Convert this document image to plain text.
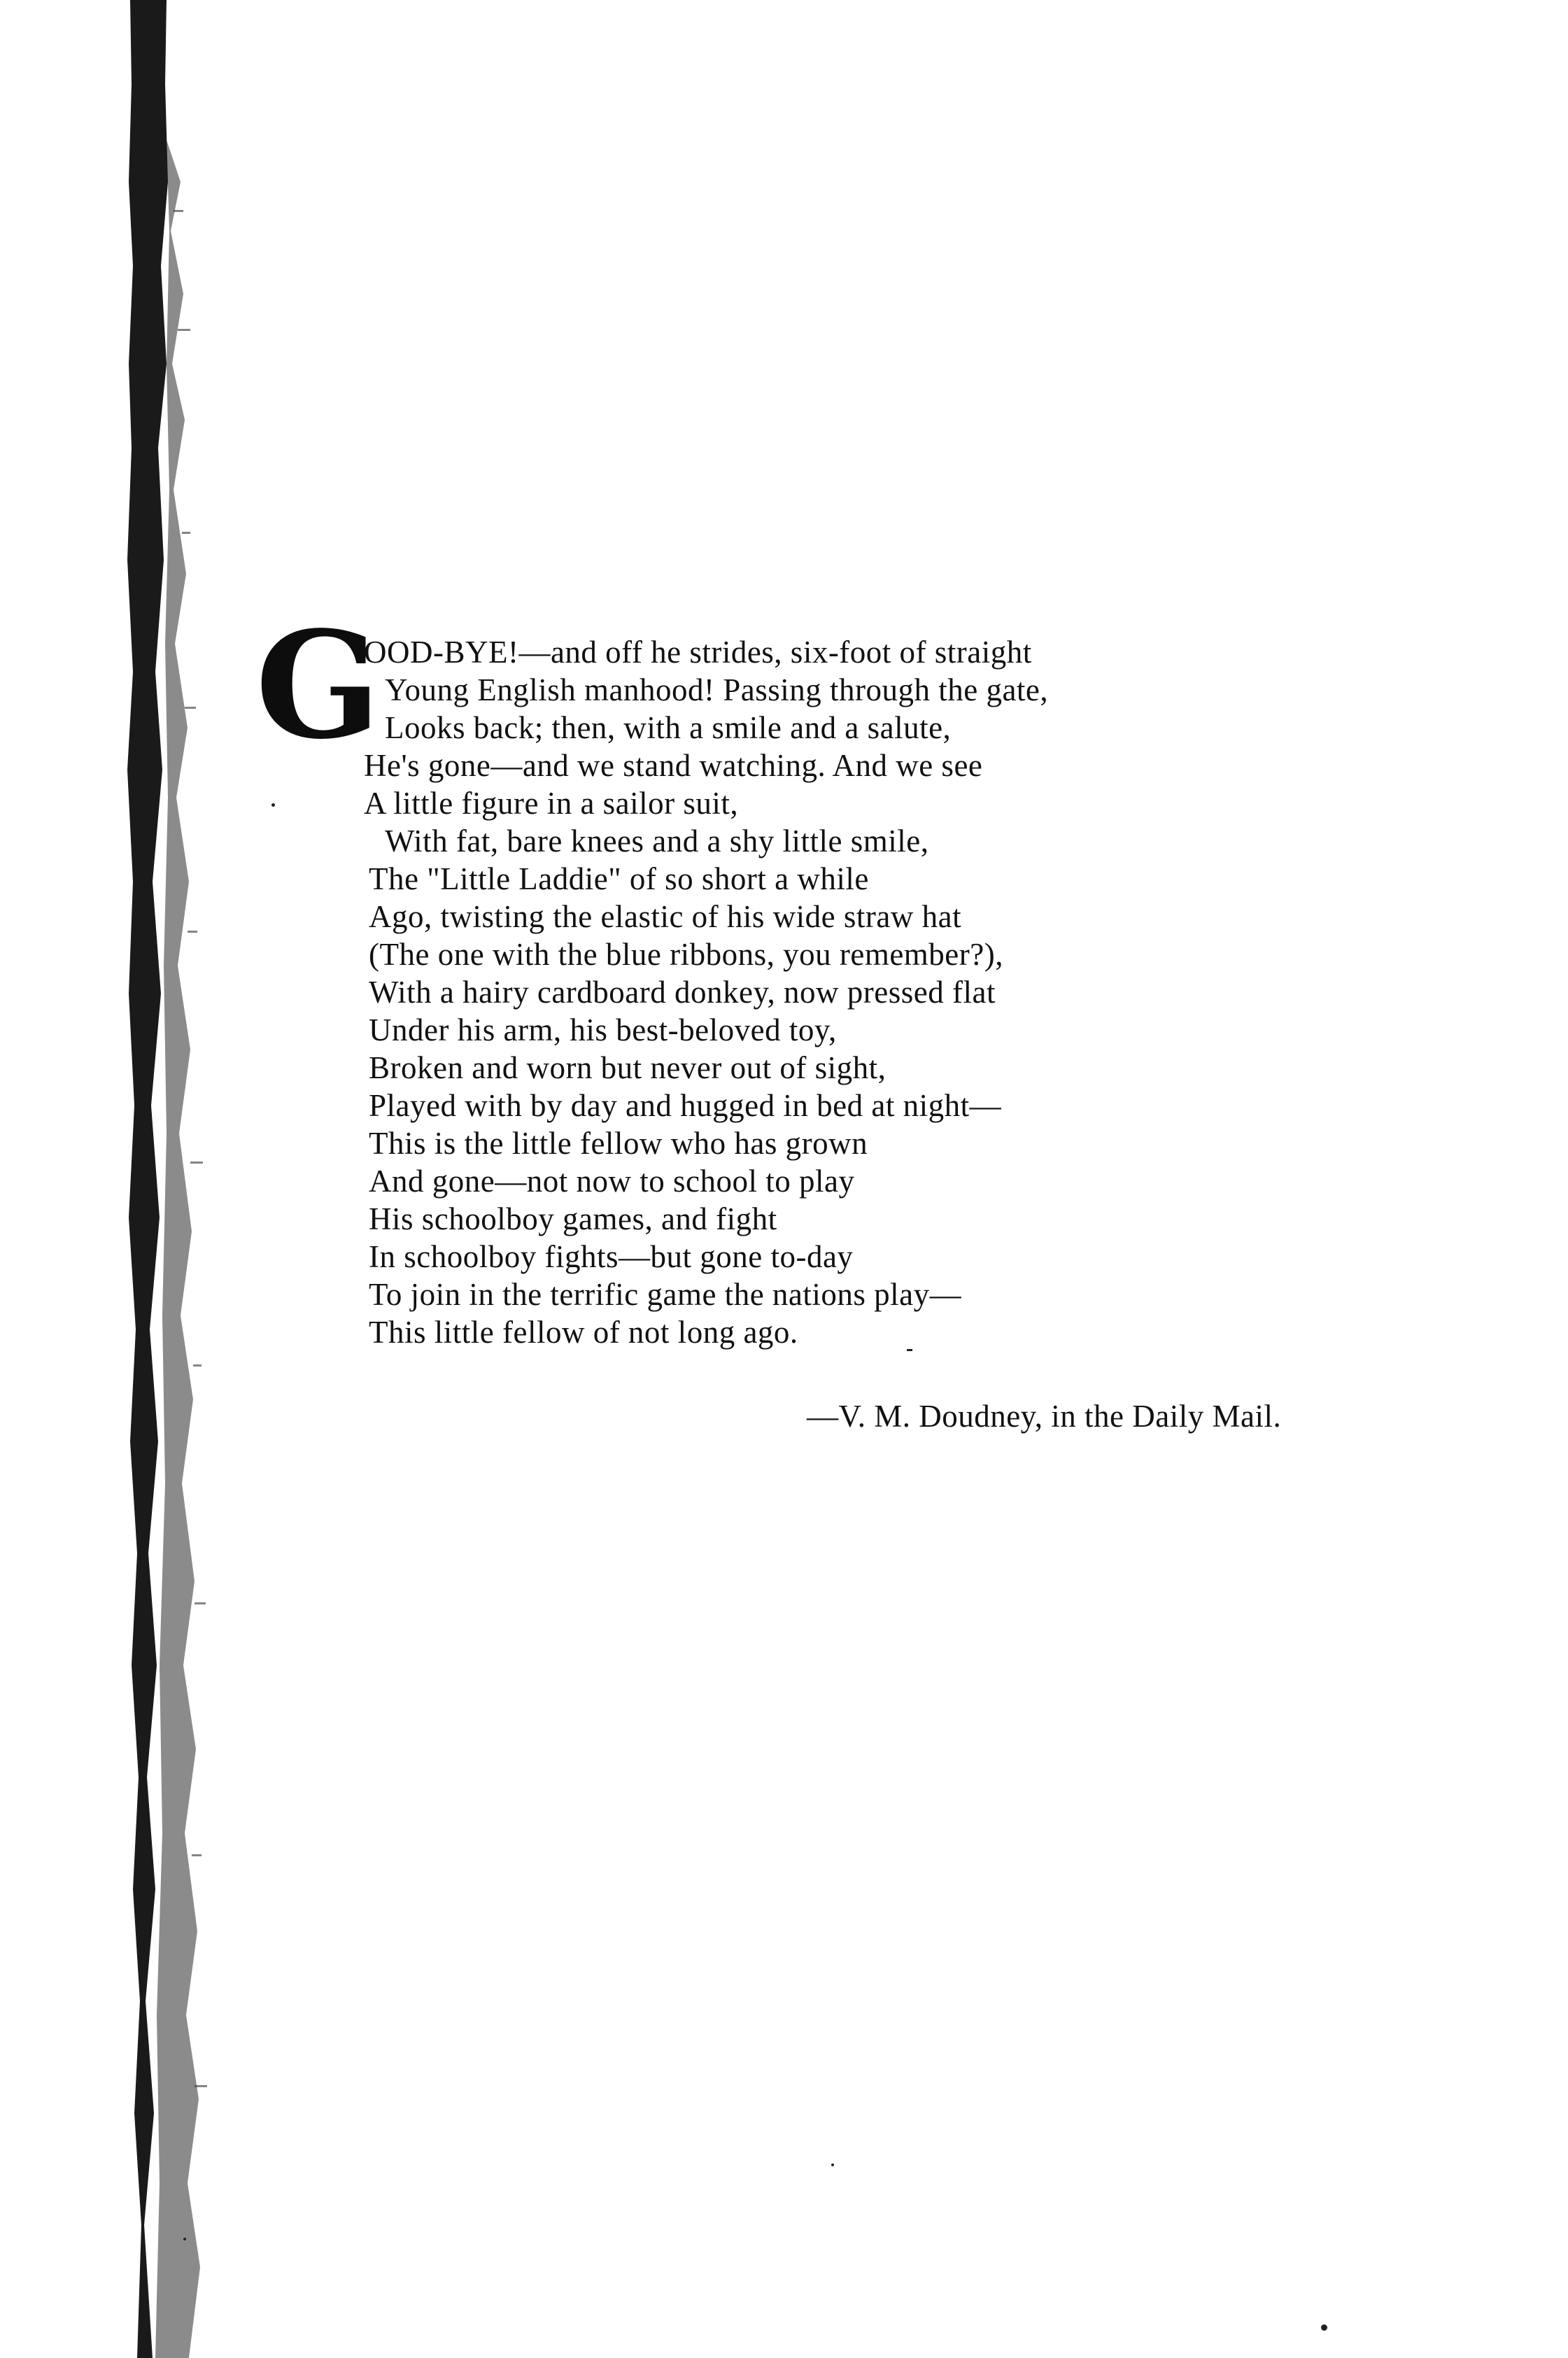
G
OOD-BYE!—and off he strides, six-foot of straight
Young English manhood! Passing through the gate,
Looks back; then, with a smile and a salute,
He's gone—and we stand watching. And we see
A little figure in a sailor suit,
With fat, bare knees and a shy little smile,
The "Little Laddie" of so short a while
Ago, twisting the elastic of his wide straw hat
(The one with the blue ribbons, you remember?),
With a hairy cardboard donkey, now pressed flat
Under his arm, his best-beloved toy,
Broken and worn but never out of sight,
Played with by day and hugged in bed at night—
This is the little fellow who has grown
And gone—not now to school to play
His schoolboy games, and fight
In schoolboy fights—but gone to-day
To join in the terrific game the nations play—
This little fellow of not long ago.
—V. M. Doudney, in the Daily Mail.
